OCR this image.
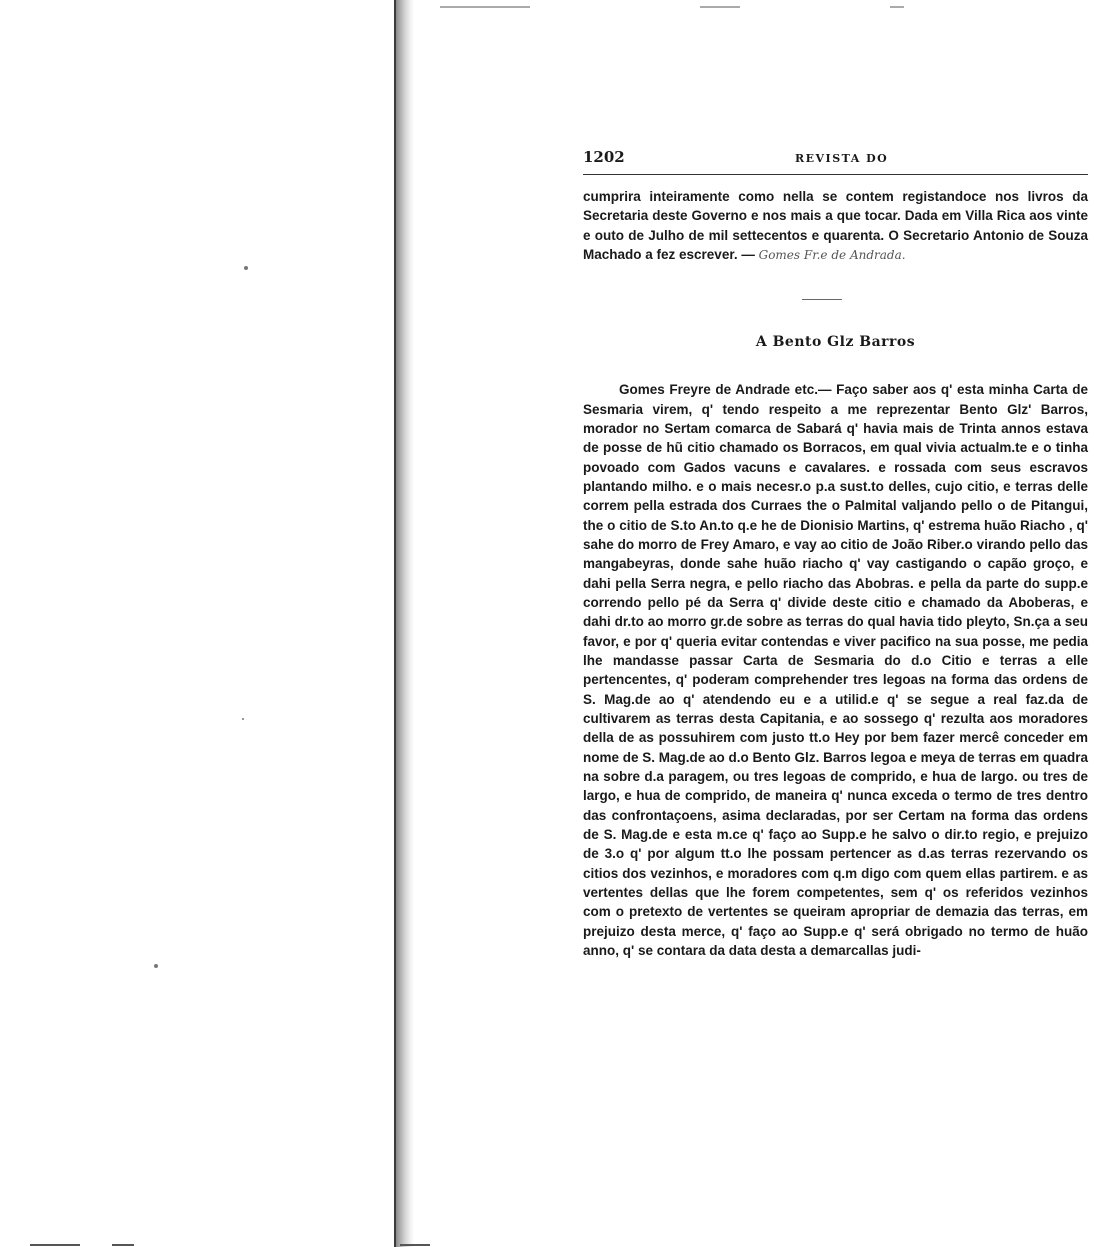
1202	REVISTA DO

cumprira inteiramente como nella se contem registandoce nos livros da Secretaria deste Governo e nos mais a que tocar. Dada em Villa Rica aos vinte e outo de Julho de mil settecentos e quarenta. O Secretario Antonio de Souza Machado a fez escrever. — Gomes Fr.e de Andrada.

A Bento Glz Barros

Gomes Freyre de Andrade etc.— Faço saber aos q' esta minha Carta de Sesmaria virem, q' tendo respeito a me reprezentar Bento Glz' Barros, morador no Sertam comarca de Sabará q' havia mais de Trinta annos estava de posse de hũ citio chamado os Borracos, em qual vivia actualm.te e o tinha povoado com Gados vacuns e cavalares. e rossada com seus escravos plantando milho. e o mais necesr.o p.a sust.to delles, cujo citio, e terras delle correm pella estrada dos Curraes the o Palmital valjando pello o de Pitangui, the o citio de S.to An.to q.e he de Dionisio Martins, q' estrema huão Riacho , q' sahe do morro de Frey Amaro, e vay ao citio de João Riber.o virando pello das mangabeyras, donde sahe huão riacho q' vay castigando o capão groço, e dahi pella Serra negra, e pello riacho das Abobras. e pella da parte do supp.e correndo pello pé da Serra q' divide deste citio e chamado da Aboberas, e dahi dr.to ao morro gr.de sobre as terras do qual havia tido pleyto, Sn.ça a seu favor, e por q' queria evitar contendas e viver pacifico na sua posse, me pedia lhe mandasse passar Carta de Sesmaria do d.o Citio e terras a elle pertencentes, q' poderam comprehender tres legoas na forma das ordens de S. Mag.de ao q' atendendo eu e a utilid.e q' se segue a real faz.da de cultivarem as terras desta Capitania, e ao sossego q' rezulta aos moradores della de as possuhirem com justo tt.o Hey por bem fazer mercê conceder em nome de S. Mag.de ao d.o Bento Glz. Barros legoa e meya de terras em quadra na sobre d.a paragem, ou tres legoas de comprido, e hua de largo. ou tres de largo, e hua de comprido, de maneira q' nunca exceda o termo de tres dentro das confrontaçoens, asima declaradas, por ser Certam na forma das ordens de S. Mag.de e esta m.ce q' faço ao Supp.e he salvo o dir.to regio, e prejuizo de 3.o q' por algum tt.o lhe possam pertencer as d.as terras rezervando os citios dos vezinhos, e moradores com q.m digo com quem ellas partirem. e as vertentes dellas que lhe forem competentes, sem q' os referidos vezinhos com o pretexto de vertentes se queiram apropriar de demazia das terras, em prejuizo desta merce, q' faço ao Supp.e q' será obrigado no termo de huão anno, q' se contara da data desta a demarcallas judi-
